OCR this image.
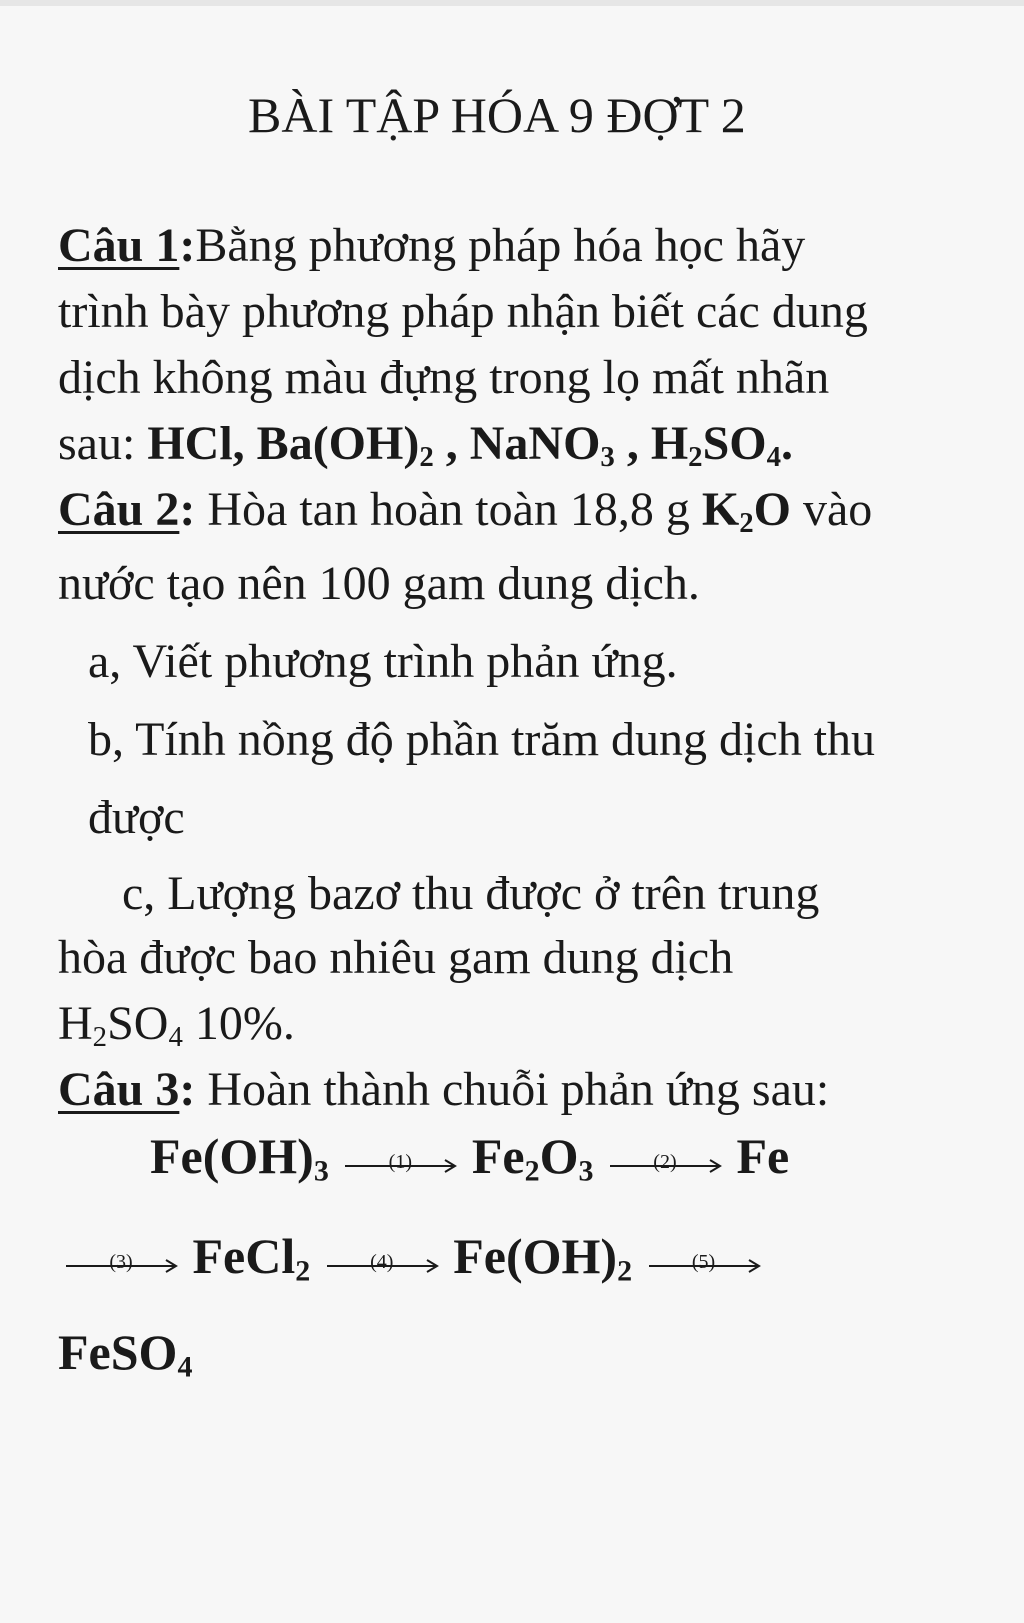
BÀI TẬP HÓA 9 ĐỢT 2
Câu 1:Bằng phương pháp hóa học hãy
trình bày phương pháp nhận biết các dung
dịch không màu đựng trong lọ mất nhãn
sau: HCl, $Ba(OH)_2$ , NaNO$_3$ , $H_2SO_4$.
Câu 2: Hòa tan hoàn toàn 18,8 g $K_2O$ vào
nước tạo nên 100 gam dung dịch.
a, Viết phương trình phản ứng.
b, Tính nồng độ phần trăm dung dịch thu
được
c, Lượng bazơ thu được ở trên trung
hòa được bao nhiêu gam dung dịch
$H_2SO_4$ 10%.
Câu 3: Hoàn thành chuỗi phản ứng sau:
$Fe(OH)_3$	(1)	$Fe_2O_3$	(2)	Fe
(3)	FeCl$_2$	(4)	$Fe(OH)_2$	(5)
FeSO$_4$
